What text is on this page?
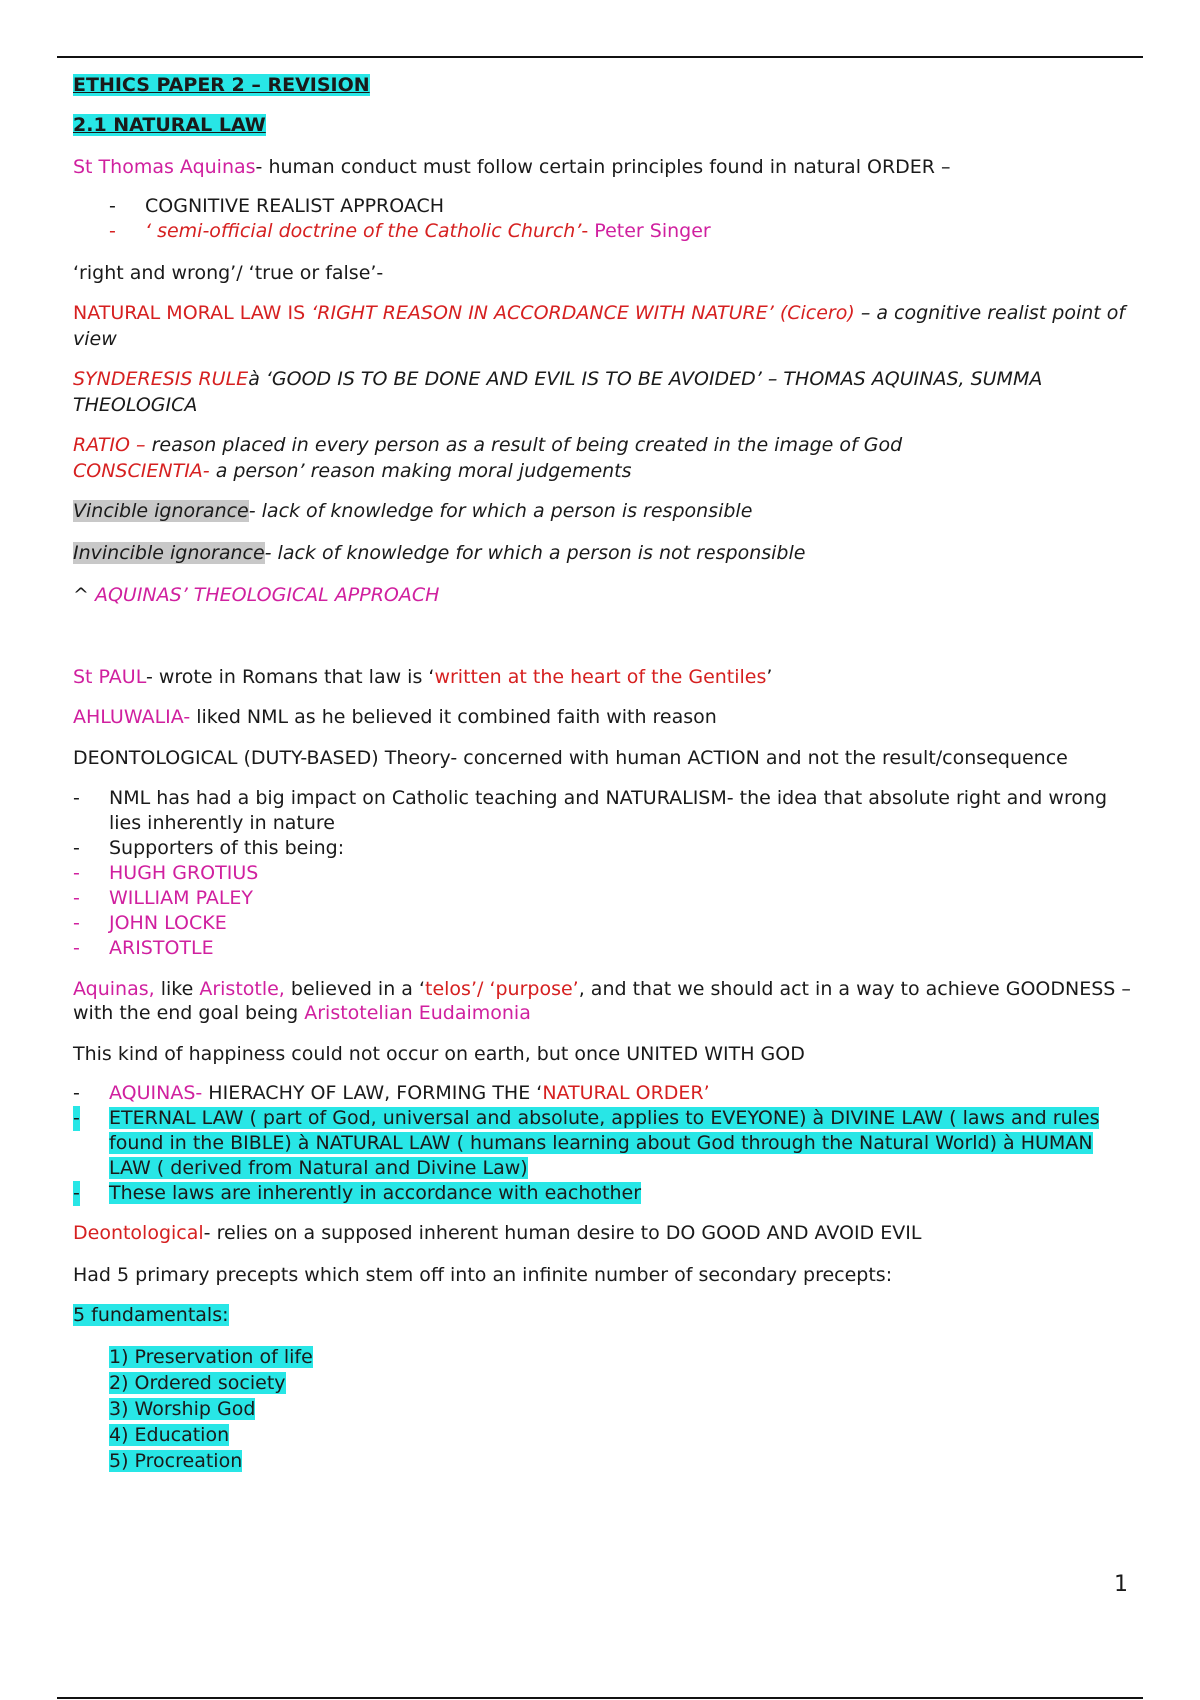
ETHICS PAPER 2 – REVISION

2.1 NATURAL LAW

St Thomas Aquinas- human conduct must follow certain principles found in natural ORDER –

- COGNITIVE REALIST APPROACH
- ‘ semi-official doctrine of the Catholic Church’- Peter Singer

‘right and wrong’/ ‘true or false’-

NATURAL MORAL LAW IS ‘RIGHT REASON IN ACCORDANCE WITH NATURE’ (Cicero) – a cognitive realist point of view

SYNDERESIS RULEà ‘GOOD IS TO BE DONE AND EVIL IS TO BE AVOIDED’ – THOMAS AQUINAS, SUMMA THEOLOGICA

RATIO – reason placed in every person as a result of being created in the image of God

CONSCIENTIA- a person’ reason making moral judgements

Vincible ignorance- lack of knowledge for which a person is responsible

Invincible ignorance- lack of knowledge for which a person is not responsible

^ AQUINAS’ THEOLOGICAL APPROACH

St PAUL- wrote in Romans that law is ‘written at the heart of the Gentiles’

AHLUWALIA- liked NML as he believed it combined faith with reason

DEONTOLOGICAL (DUTY-BASED) Theory- concerned with human ACTION and not the result/consequence

- NML has had a big impact on Catholic teaching and NATURALISM- the idea that absolute right and wrong lies inherently in nature
- Supporters of this being:
- HUGH GROTIUS
- WILLIAM PALEY
- JOHN LOCKE
- ARISTOTLE

Aquinas, like Aristotle, believed in a ‘telos’/ ‘purpose’, and that we should act in a way to achieve GOODNESS – with the end goal being Aristotelian Eudaimonia

This kind of happiness could not occur on earth, but once UNITED WITH GOD

- AQUINAS- HIERACHY OF LAW, FORMING THE ‘NATURAL ORDER’
- ETERNAL LAW ( part of God, universal and absolute, applies to EVEYONE) à DIVINE LAW ( laws and rules found in the BIBLE) à NATURAL LAW ( humans learning about God through the Natural World) à HUMAN LAW ( derived from Natural and Divine Law)
- These laws are inherently in accordance with eachother

Deontological- relies on a supposed inherent human desire to DO GOOD AND AVOID EVIL

Had 5 primary precepts which stem off into an infinite number of secondary precepts:

5 fundamentals:

1) Preservation of life
2) Ordered society
3) Worship God
4) Education
5) Procreation
1
